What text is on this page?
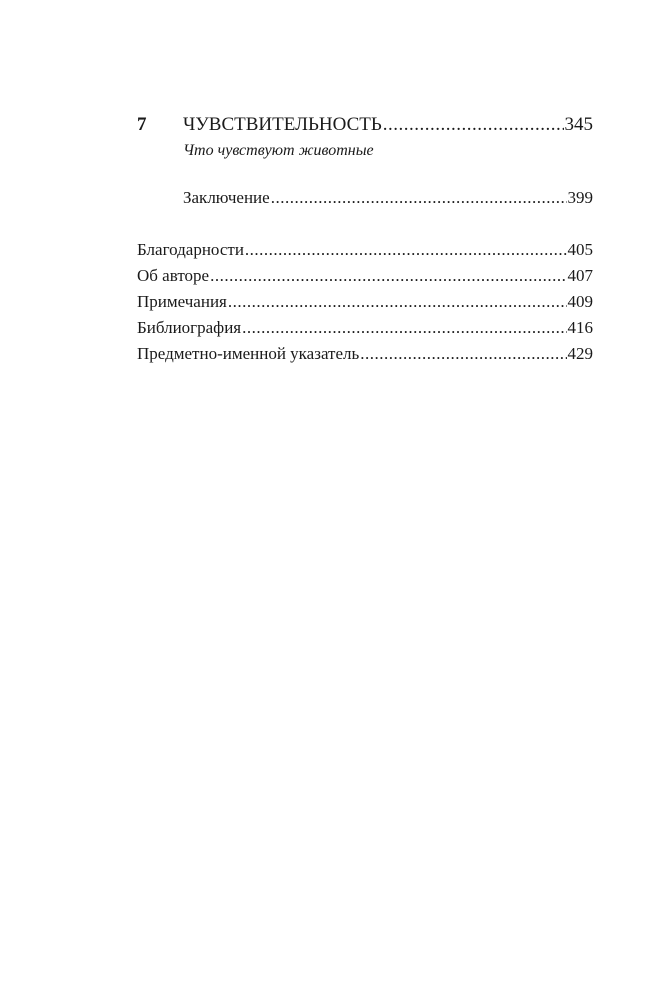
7 ЧУВСТВИТЕЛЬНОСТЬ .....	345
Что чувствуют животные
Заключение .....	399
Благодарности .....	405
Об авторе .....	407
Примечания .....	409
Библиография .....	416
Предметно-именной указатель .....	429
